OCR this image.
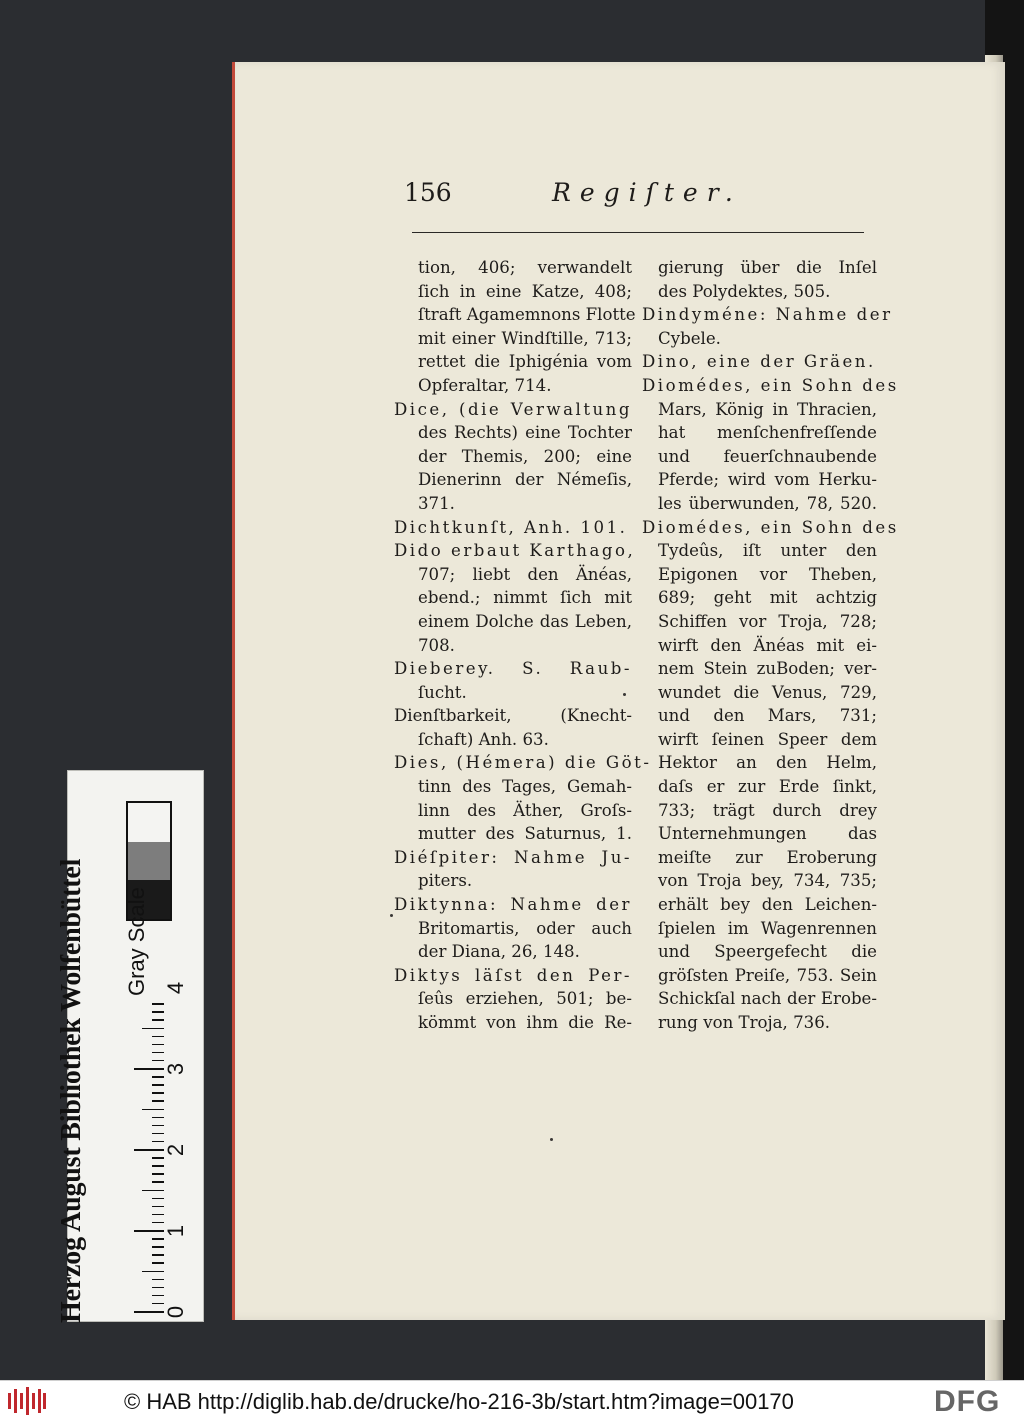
156	Regiſter.
tion, 406; verwandelt
ſich in eine Katze, 408;
ſtraft Agamemnons Flotte
mit einer Windſtille, 713;
rettet die Iphigénia vom
Opferaltar, 714.
Dice, (die Verwaltung
des Rechts) eine Tochter
der Themis, 200; eine
Dienerinn der Némeſis,
371.
Dichtkunſt, Anh. 101.
Dido erbaut Karthago,
707; liebt den Änéas,
ebend.; nimmt ſich mit
einem Dolche das Leben,
708.
Dieberey. S. Raub-
ſucht.
Dienſtbarkeit, (Knecht-
ſchaft) Anh. 63.
Dies, (Hémera) die Göt-
tinn des Tages, Gemah-
linn des Äther, Groſs-
mutter des Saturnus, 1.
Diéſpiter: Nahme Ju-
piters.
Diktynna: Nahme der
Britomartis, oder auch
der Diana, 26, 148.
Diktys läſst den Per-
ſeûs erziehen, 501; be-
kömmt von ihm die Re-
gierung über die Inſel
des Polydektes, 505.
Dindyméne: Nahme der
Cybele.
Dino, eine der Gräen.
Diomédes, ein Sohn des
Mars, König in Thracien,
hat menſchenfreſſende
und feuerſchnaubende
Pferde; wird vom Herku-
les überwunden, 78, 520.
Diomédes, ein Sohn des
Tydeûs, iſt unter den
Epigonen vor Theben,
689; geht mit achtzig
Schiffen vor Troja, 728;
wirft den Änéas mit ei-
nem Stein zuBoden; ver-
wundet die Venus, 729,
und den Mars, 731;
wirft ſeinen Speer dem
Hektor an den Helm,
daſs er zur Erde ſinkt,
733; trägt durch drey
Unternehmungen das
meiſte zur Eroberung
von Troja bey, 734, 735;
erhält bey den Leichen-
ſpielen im Wagenrennen
und Speergefecht die
gröſsten Preiſe, 753. Sein
Schickſal nach der Erobe-
rung von Troja, 736.
Herzog August Bibliothek Wolfenbüttel Gray Scale
0
1
2
3
4
© HAB http://diglib.hab.de/drucke/ho-216-3b/start.htm?image=00170	DFG
